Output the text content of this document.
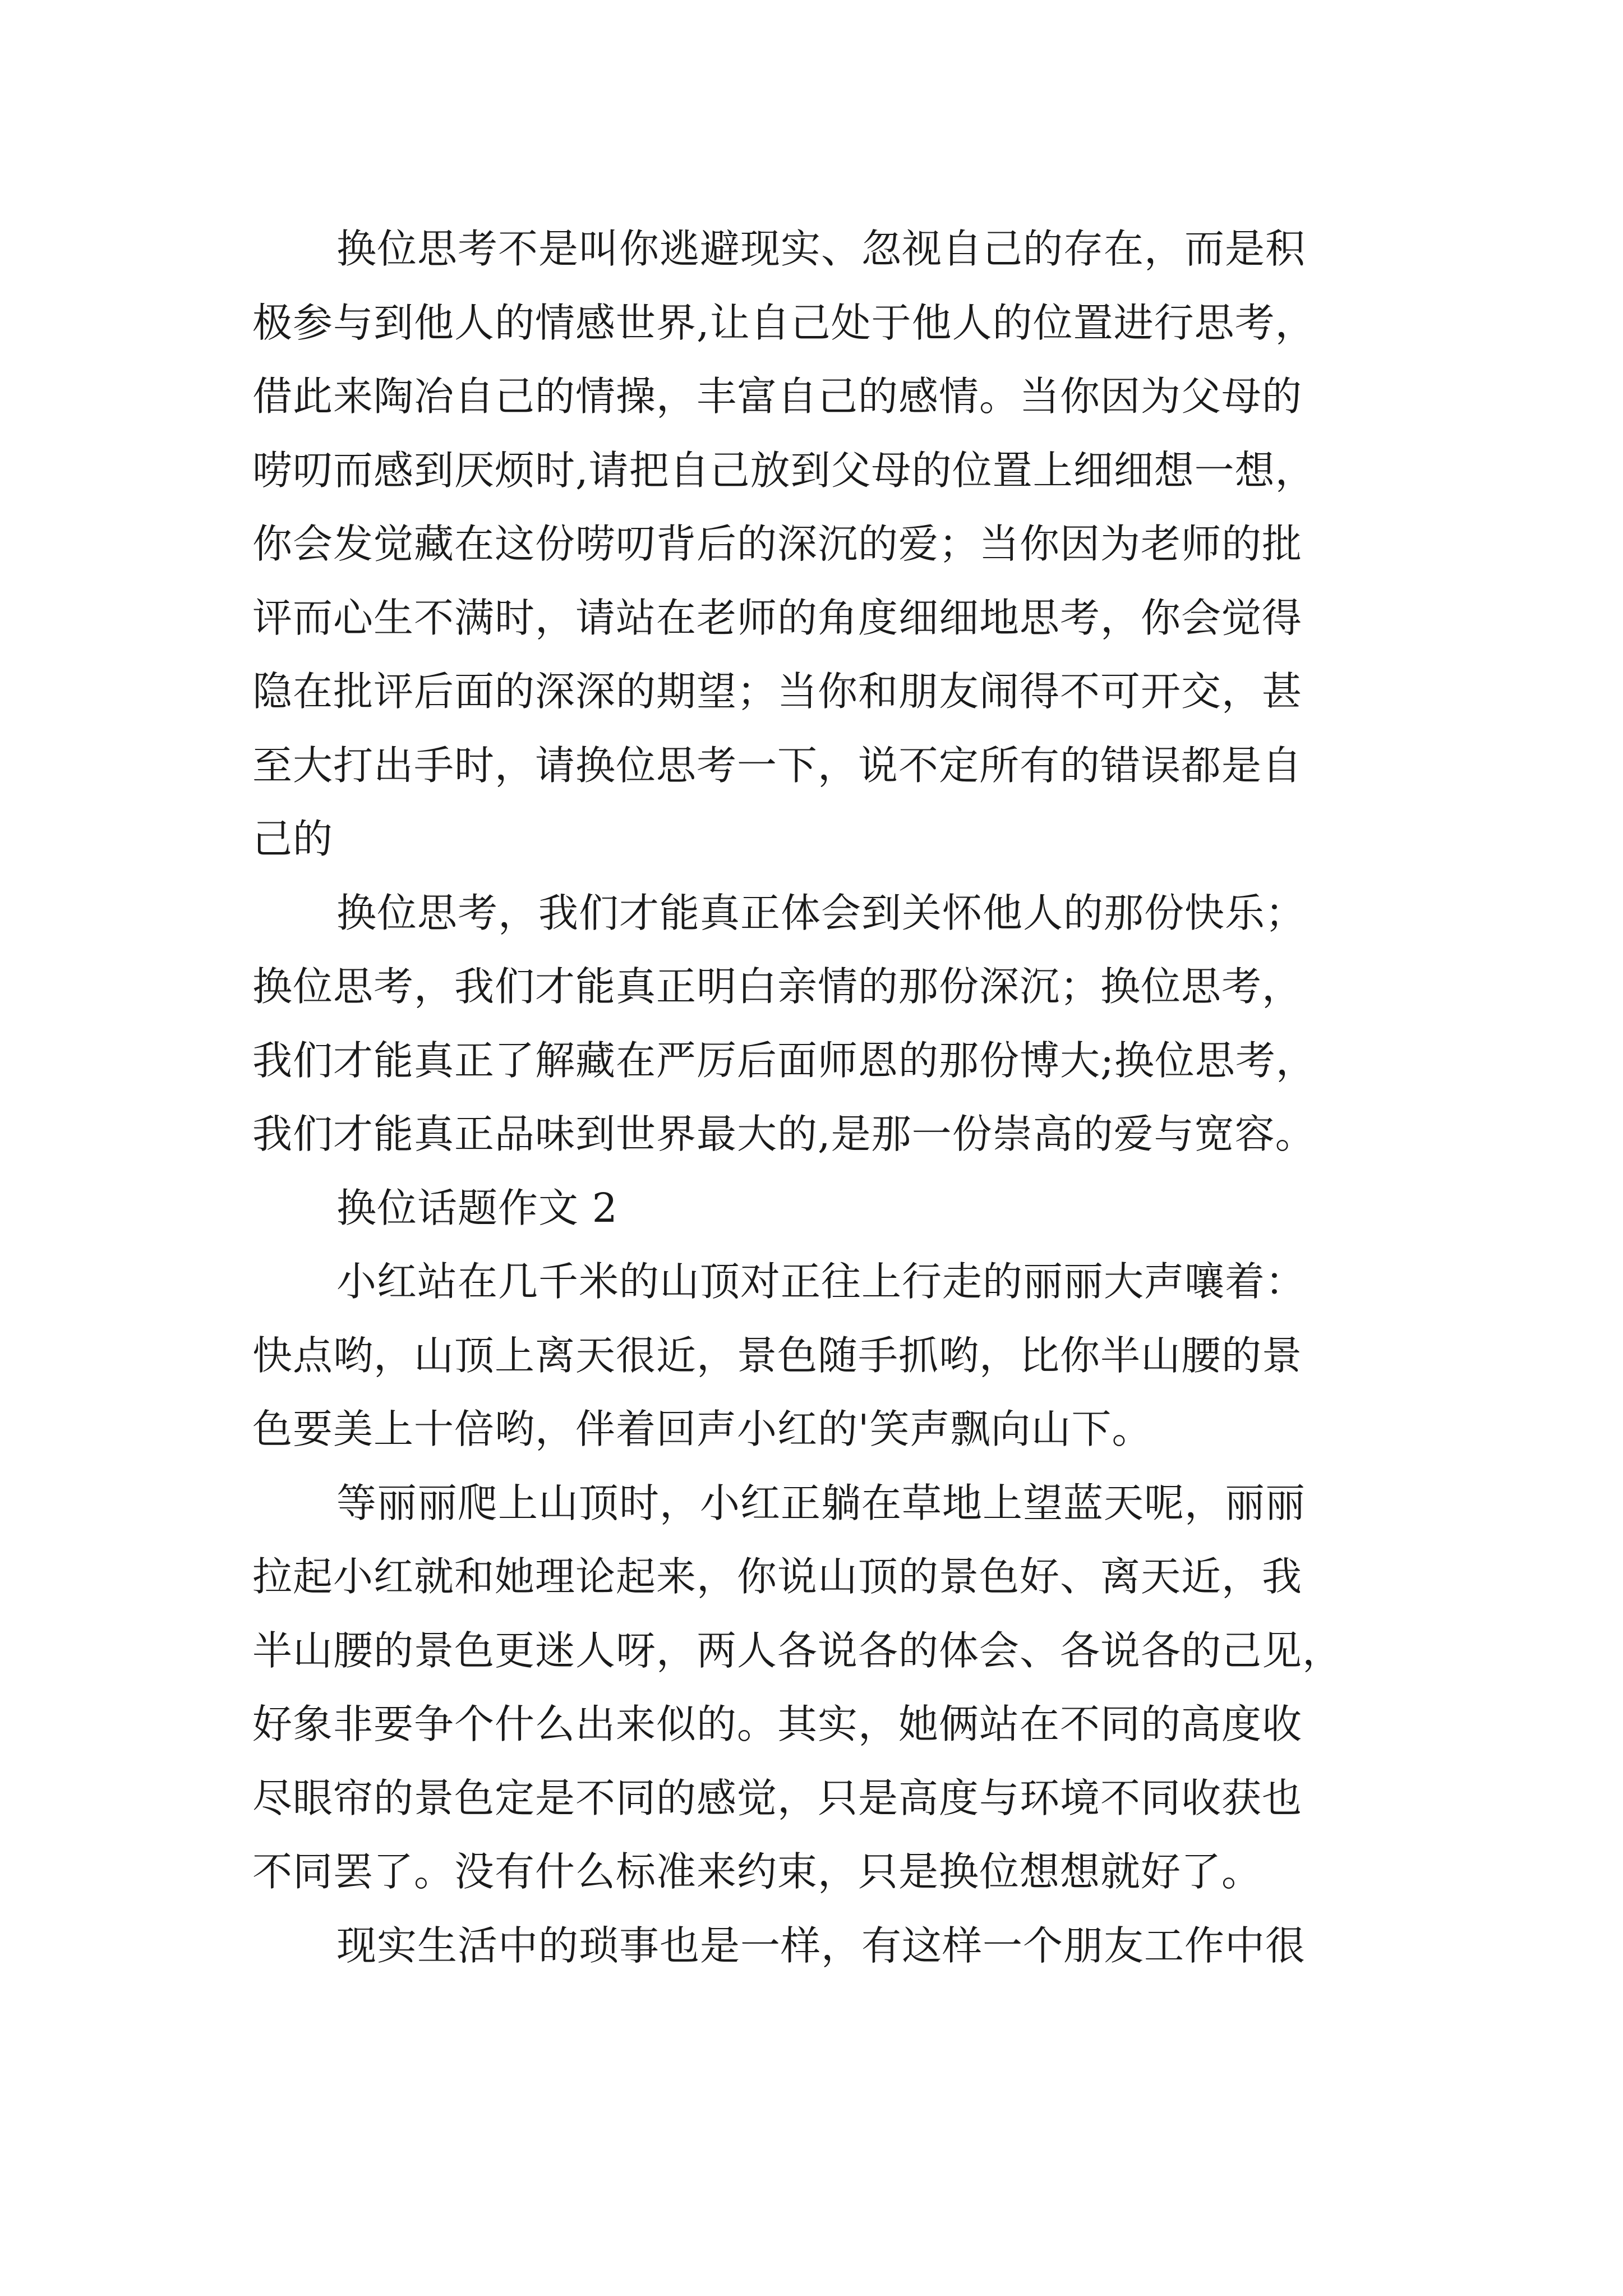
换位思考不是叫你逃避现实、忽视自己的存在，而是积
极参与到他人的情感世界,让自己处于他人的位置进行思考，
借此来陶冶自己的情操，丰富自己的感情。当你因为父母的
唠叨而感到厌烦时,请把自己放到父母的位置上细细想一想，
你会发觉藏在这份唠叨背后的深沉的爱；当你因为老师的批
评而心生不满时，请站在老师的角度细细地思考，你会觉得
隐在批评后面的深深的期望；当你和朋友闹得不可开交，甚
至大打出手时，请换位思考一下，说不定所有的错误都是自
己的
换位思考，我们才能真正体会到关怀他人的那份快乐；
换位思考，我们才能真正明白亲情的那份深沉；换位思考，
我们才能真正了解藏在严厉后面师恩的那份博大;换位思考，
我们才能真正品味到世界最大的,是那一份崇高的爱与宽容。
换位话题作文 2
小红站在几千米的山顶对正往上行走的丽丽大声嚷着：
快点哟，山顶上离天很近，景色随手抓哟，比你半山腰的景
色要美上十倍哟，伴着回声小红的'笑声飘向山下。
等丽丽爬上山顶时，小红正躺在草地上望蓝天呢，丽丽
拉起小红就和她理论起来，你说山顶的景色好、离天近，我
半山腰的景色更迷人呀，两人各说各的体会、各说各的己见，
好象非要争个什么出来似的。其实，她俩站在不同的高度收
尽眼帘的景色定是不同的感觉，只是高度与环境不同收获也
不同罢了。没有什么标准来约束，只是换位想想就好了。
现实生活中的琐事也是一样，有这样一个朋友工作中很
